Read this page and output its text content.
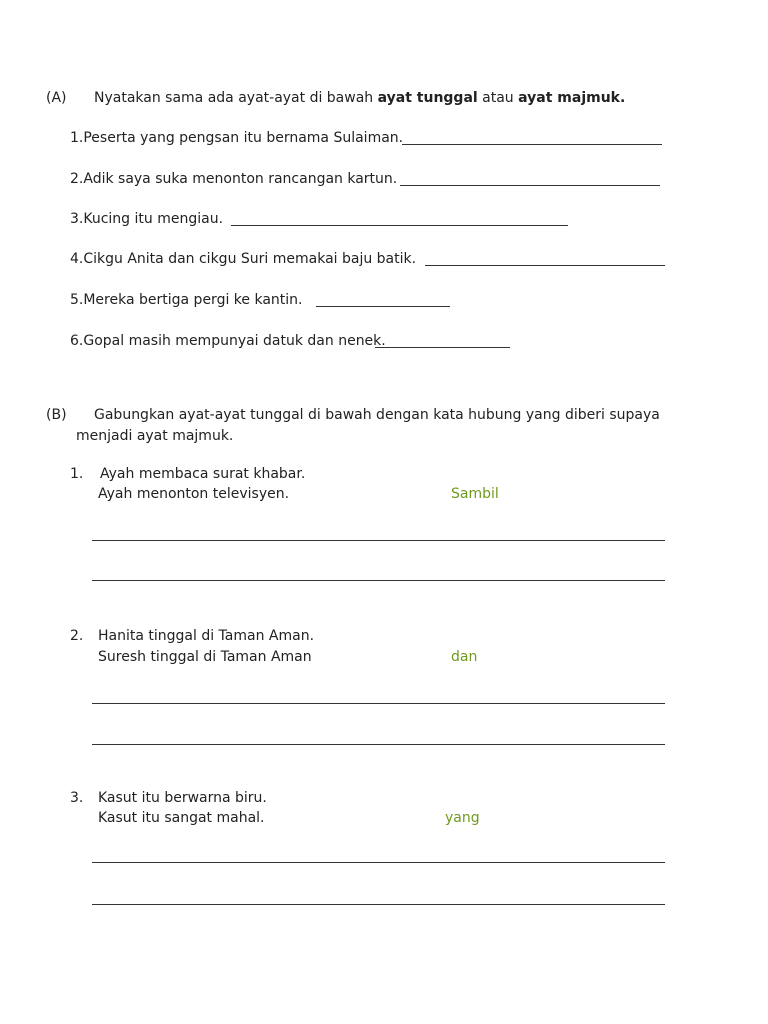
(A) Nyatakan sama ada ayat-ayat di bawah ayat tunggal atau ayat majmuk.
1.Peserta yang pengsan itu bernama Sulaiman.
2.Adik saya suka menonton rancangan kartun.
3.Kucing itu mengiau.
4.Cikgu Anita dan cikgu Suri memakai baju batik.
5.Mereka bertiga pergi ke kantin.
6.Gopal masih mempunyai datuk dan nenek.
(B) Gabungkan ayat-ayat tunggal di bawah dengan kata hubung yang diberi supaya
menjadi ayat majmuk.
1. Ayah membaca surat khabar.
Ayah menonton televisyen.	Sambil
2. Hanita tinggal di Taman Aman.
Suresh tinggal di Taman Aman	dan
3. Kasut itu berwarna biru.
Kasut itu sangat mahal.	yang
